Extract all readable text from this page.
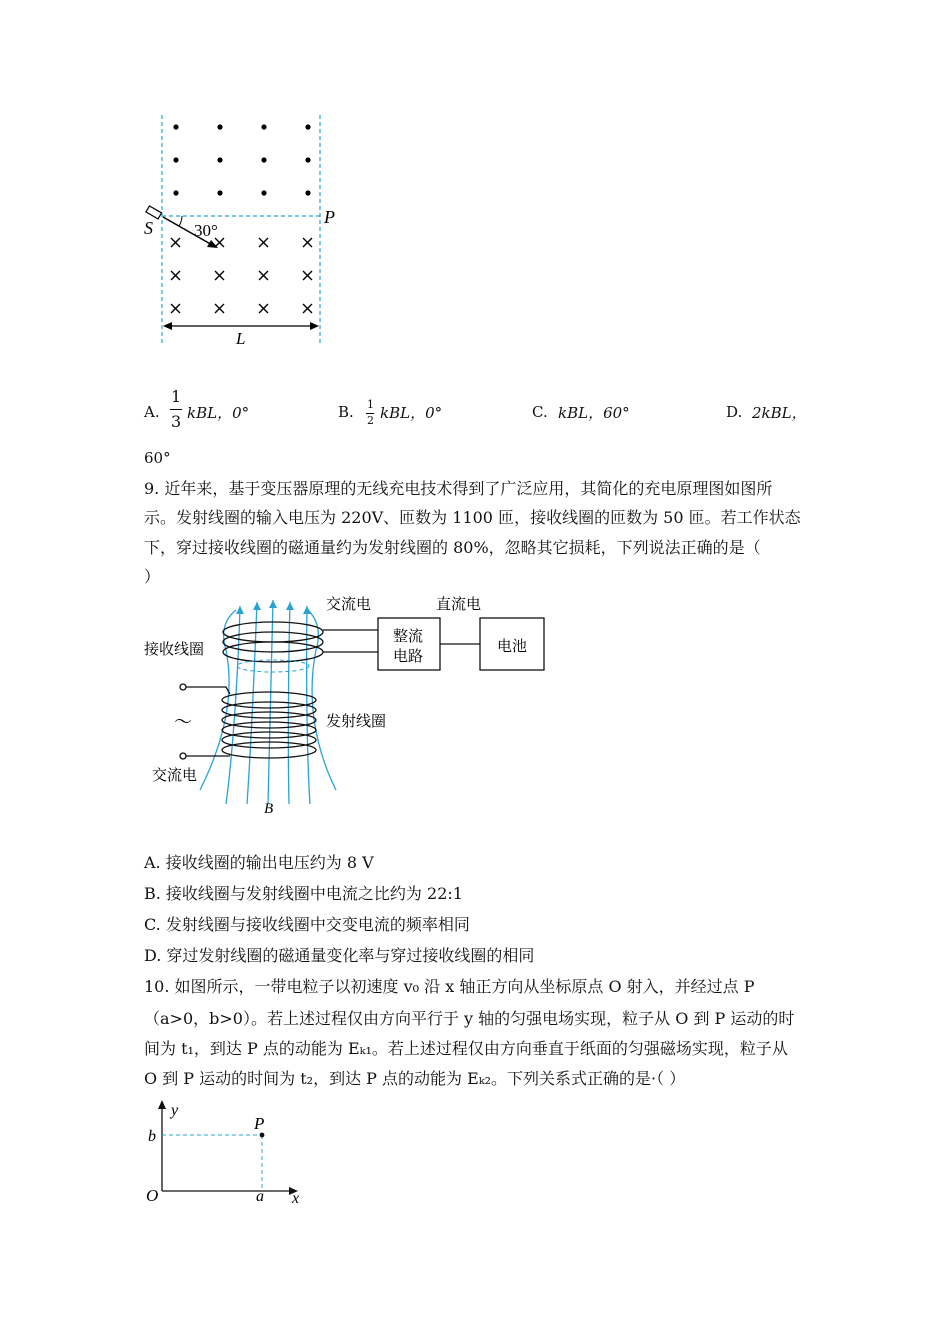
S
P
30°
L
A.
1
3 kBL，0°	B. 1
2 kBL，0°	C. kBL，60°	D. 2kBL，
60°
9. 近年来，基于变压器原理的无线充电技术得到了广泛应用，其简化的充电原理图如图所
示。发射线圈的输入电压为 220V、匝数为 1100 匝，接收线圈的匝数为 50 匝。若工作状态
下，穿过接收线圈的磁通量约为发射线圈的 80%，忽略其它损耗，下列说法正确的是（
）
交流电	直流电
接收线圈
整流
电路
电池
发射线圈
～
交流电
B
A. 接收线圈的输出电压约为 8 V
B. 接收线圈与发射线圈中电流之比约为 22:1
C. 发射线圈与接收线圈中交变电流的频率相同
D. 穿过发射线圈的磁通量变化率与穿过接收线圈的相同
10. 如图所示，一带电粒子以初速度 v₀ 沿 x 轴正方向从坐标原点 O 射入，并经过点 P
（a>0，b>0）。若上述过程仅由方向平行于 y 轴的匀强电场实现，粒子从 O 到 P 运动的时
间为 t₁，到达 P 点的动能为 Eₖ₁。若上述过程仅由方向垂直于纸面的匀强磁场实现，粒子从
O 到 P 运动的时间为 t₂，到达 P 点的动能为 Eₖ₂。下列关系式正确的是·（ ）
y
x
O
P
a
b
